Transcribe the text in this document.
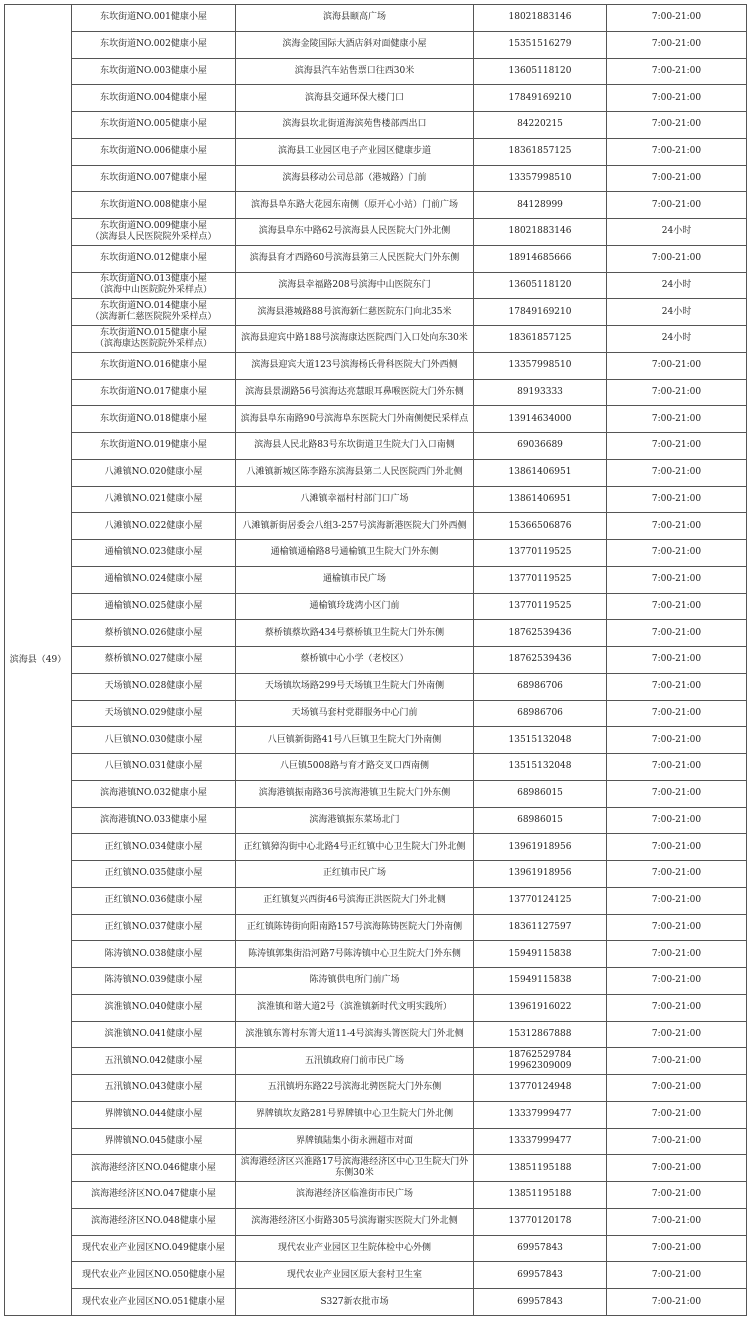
滨海县（49）	东坎街道NO.001健康小屋	滨海县颐高广场	18021883146	7:00-21:00

	东坎街道NO.002健康小屋	滨海金陵国际大酒店斜对面健康小屋	15351516279	7:00-21:00

	东坎街道NO.003健康小屋	滨海县汽车站售票口往西30米	13605118120	7:00-21:00

	东坎街道NO.004健康小屋	滨海县交通环保大楼门口	17849169210	7:00-21:00

	东坎街道NO.005健康小屋	滨海县坎北街道海滨苑售楼部西出口	84220215	7:00-21:00

	东坎街道NO.006健康小屋	滨海县工业园区电子产业园区健康步道	18361857125	7:00-21:00

	东坎街道NO.007健康小屋	滨海县移动公司总部（港城路）门前	13357998510	7:00-21:00

	东坎街道NO.008健康小屋	滨海县阜东路大花园东南侧（原开心小站）门前广场	84128999	7:00-21:00

	东坎街道NO.009健康小屋
（滨海县人民医院院外采样点）	滨海县阜东中路62号滨海县人民医院大门外北侧	18021883146	24小时

	东坎街道NO.012健康小屋	滨海县育才西路60号滨海县第三人民医院大门外东侧	18914685666	7:00-21:00

	东坎街道NO.013健康小屋
（滨海中山医院院外采样点）	滨海县幸福路208号滨海中山医院东门	13605118120	24小时

	东坎街道NO.014健康小屋
（滨海新仁慈医院院外采样点）	滨海县港城路88号滨海新仁慈医院东门向北35米	17849169210	24小时

	东坎街道NO.015健康小屋
（滨海康达医院院外采样点）	滨海县迎宾中路188号滨海康达医院西门入口处向东30米	18361857125	24小时

	东坎街道NO.016健康小屋	滨海县迎宾大道123号滨海杨氏骨科医院大门外西侧	13357998510	7:00-21:00

	东坎街道NO.017健康小屋	滨海县景湖路56号滨海达亮慧眼耳鼻喉医院大门外东侧	89193333	7:00-21:00

	东坎街道NO.018健康小屋	滨海县阜东南路90号滨海阜东医院大门外南侧便民采样点	13914634000	7:00-21:00

	东坎街道NO.019健康小屋	滨海县人民北路83号东坎街道卫生院大门入口南侧	69036689	7:00-21:00

	八滩镇NO.020健康小屋	八滩镇新城区陈李路东滨海县第二人民医院西门外北侧	13861406951	7:00-21:00

	八滩镇NO.021健康小屋	八滩镇幸福村村部门口广场	13861406951	7:00-21:00

	八滩镇NO.022健康小屋	八滩镇新街居委会八组3-257号滨海新港医院大门外西侧	15366506876	7:00-21:00

	通榆镇NO.023健康小屋	通榆镇通榆路8号通榆镇卫生院大门外东侧	13770119525	7:00-21:00

	通榆镇NO.024健康小屋	通榆镇市民广场	13770119525	7:00-21:00

	通榆镇NO.025健康小屋	通榆镇玲珑湾小区门前	13770119525	7:00-21:00

	蔡桥镇NO.026健康小屋	蔡桥镇蔡坎路434号蔡桥镇卫生院大门外东侧	18762539436	7:00-21:00

	蔡桥镇NO.027健康小屋	蔡桥镇中心小学（老校区）	18762539436	7:00-21:00

	天场镇NO.028健康小屋	天场镇坎场路299号天场镇卫生院大门外南侧	68986706	7:00-21:00

	天场镇NO.029健康小屋	天场镇马套村党群服务中心门前	68986706	7:00-21:00

	八巨镇NO.030健康小屋	八巨镇新街路41号八巨镇卫生院大门外南侧	13515132048	7:00-21:00

	八巨镇NO.031健康小屋	八巨镇5008路与育才路交叉口西南侧	13515132048	7:00-21:00

	滨海港镇NO.032健康小屋	滨海港镇振南路36号滨海港镇卫生院大门外东侧	68986015	7:00-21:00

	滨海港镇NO.033健康小屋	滨海港镇振东菜场北门	68986015	7:00-21:00

	正红镇NO.034健康小屋	正红镇獐沟街中心北路4号正红镇中心卫生院大门外北侧	13961918956	7:00-21:00

	正红镇NO.035健康小屋	正红镇市民广场	13961918956	7:00-21:00

	正红镇NO.036健康小屋	正红镇复兴西街46号滨海正洪医院大门外北侧	13770124125	7:00-21:00

	正红镇NO.037健康小屋	正红镇陈铸街向阳南路157号滨海陈铸医院大门外南侧	18361127597	7:00-21:00

	陈涛镇NO.038健康小屋	陈涛镇郭集街沿河路7号陈涛镇中心卫生院大门外东侧	15949115838	7:00-21:00

	陈涛镇NO.039健康小屋	陈涛镇供电所门前广场	15949115838	7:00-21:00

	滨淮镇NO.040健康小屋	滨淮镇和谐大道2号（滨淮镇新时代文明实践所）	13961916022	7:00-21:00

	滨淮镇NO.041健康小屋	滨淮镇东箐村东箐大道11-4号滨海头箐医院大门外北侧	15312867888	7:00-21:00

	五汛镇NO.042健康小屋	五汛镇政府门前市民广场	18762529784
19962309009	7:00-21:00

	五汛镇NO.043健康小屋	五汛镇坍东路22号滨海北骋医院大门外东侧	13770124948	7:00-21:00

	界牌镇NO.044健康小屋	界牌镇坎友路281号界牌镇中心卫生院大门外北侧	13337999477	7:00-21:00

	界牌镇NO.045健康小屋	界牌镇陆集小街永洲超市对面	13337999477	7:00-21:00

	滨海港经济区NO.046健康小屋	滨海港经济区兴淮路17号滨海港经济区中心卫生院大门外东侧30米	13851195188	7:00-21:00

	滨海港经济区NO.047健康小屋	滨海港经济区临淮街市民广场	13851195188	7:00-21:00

	滨海港经济区NO.048健康小屋	滨海港经济区小街路305号滨海谢实医院大门外北侧	13770120178	7:00-21:00

	现代农业产业园区NO.049健康小屋	现代农业产业园区卫生院体检中心外侧	69957843	7:00-21:00

	现代农业产业园区NO.050健康小屋	现代农业产业园区原大套村卫生室	69957843	7:00-21:00

	现代农业产业园区NO.051健康小屋	S327新农批市场	69957843	7:00-21:00
